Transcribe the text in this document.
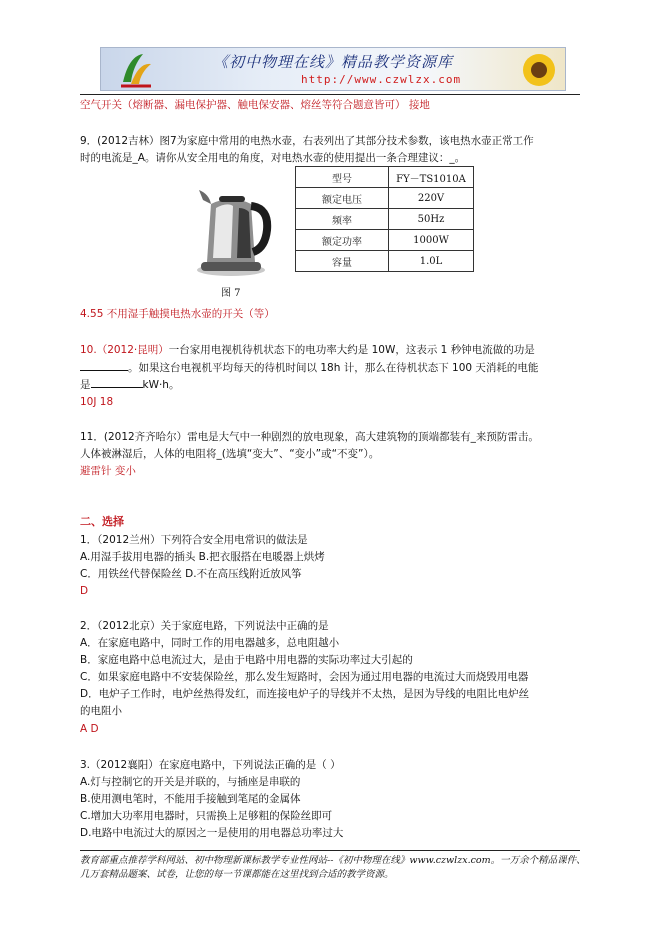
《初中物理在线》精品教学资源库
http://www.czwlzx.com
空气开关（熔断器、漏电保护器、触电保安器、熔丝等符合题意皆可） 接地
9．(2012吉林）图7为家庭中常用的电热水壶，右表列出了其部分技术参数，该电热水壶正常工作
时的电流是_A。请你从安全用电的角度，对电热水壶的使用提出一条合理建议：_。
图 7
型号	FY－TS1010A
额定电压	220V
频率	50Hz
额定功率	1000W
容量	1.0L
4.55 不用湿手触摸电热水壶的开关（等）
10.（2012·昆明）一台家用电视机待机状态下的电功率大约是 10W，这表示 1 秒钟电流做的功是
。如果这台电视机平均每天的待机时间以 18h 计，那么在待机状态下 100 天消耗的电能
是	kW·h。
10J 18
11．(2012齐齐哈尔）雷电是大气中一种剧烈的放电现象，高大建筑物的顶端都装有_来预防雷击。
人体被淋湿后，人体的电阻将_(选填“变大”、“变小”或“不变”）。
避雷针 变小
二、选择
1．（2012兰州）下列符合安全用电常识的做法是
A.用湿手拔用电器的插头 B.把衣服搭在电暖器上烘烤
C．用铁丝代替保险丝 D.不在高压线附近放风筝
D
2．（2012北京）关于家庭电路，下列说法中正确的是
A．在家庭电路中，同时工作的用电器越多，总电阻越小
B．家庭电路中总电流过大，是由于电路中用电器的实际功率过大引起的
C．如果家庭电路中不安装保险丝，那么发生短路时，会因为通过用电器的电流过大而烧毁用电器
D．电炉子工作时，电炉丝热得发红，而连接电炉子的导线并不太热，是因为导线的电阻比电炉丝
的电阻小
A D
3.（2012襄阳）在家庭电路中，下列说法正确的是（ ）
A.灯与控制它的开关是并联的，与插座是串联的
B.使用测电笔时，不能用手接触到笔尾的金属体
C.增加大功率用电器时，只需换上足够粗的保险丝即可
D.电路中电流过大的原因之一是使用的用电器总功率过大
教育部重点推荐学科网站、初中物理新课标教学专业性网站--《初中物理在线》www.czwlzx.com。一万余个精品课件、
几万套精品题案、试卷，让您的每一节课都能在这里找到合适的教学资源。
